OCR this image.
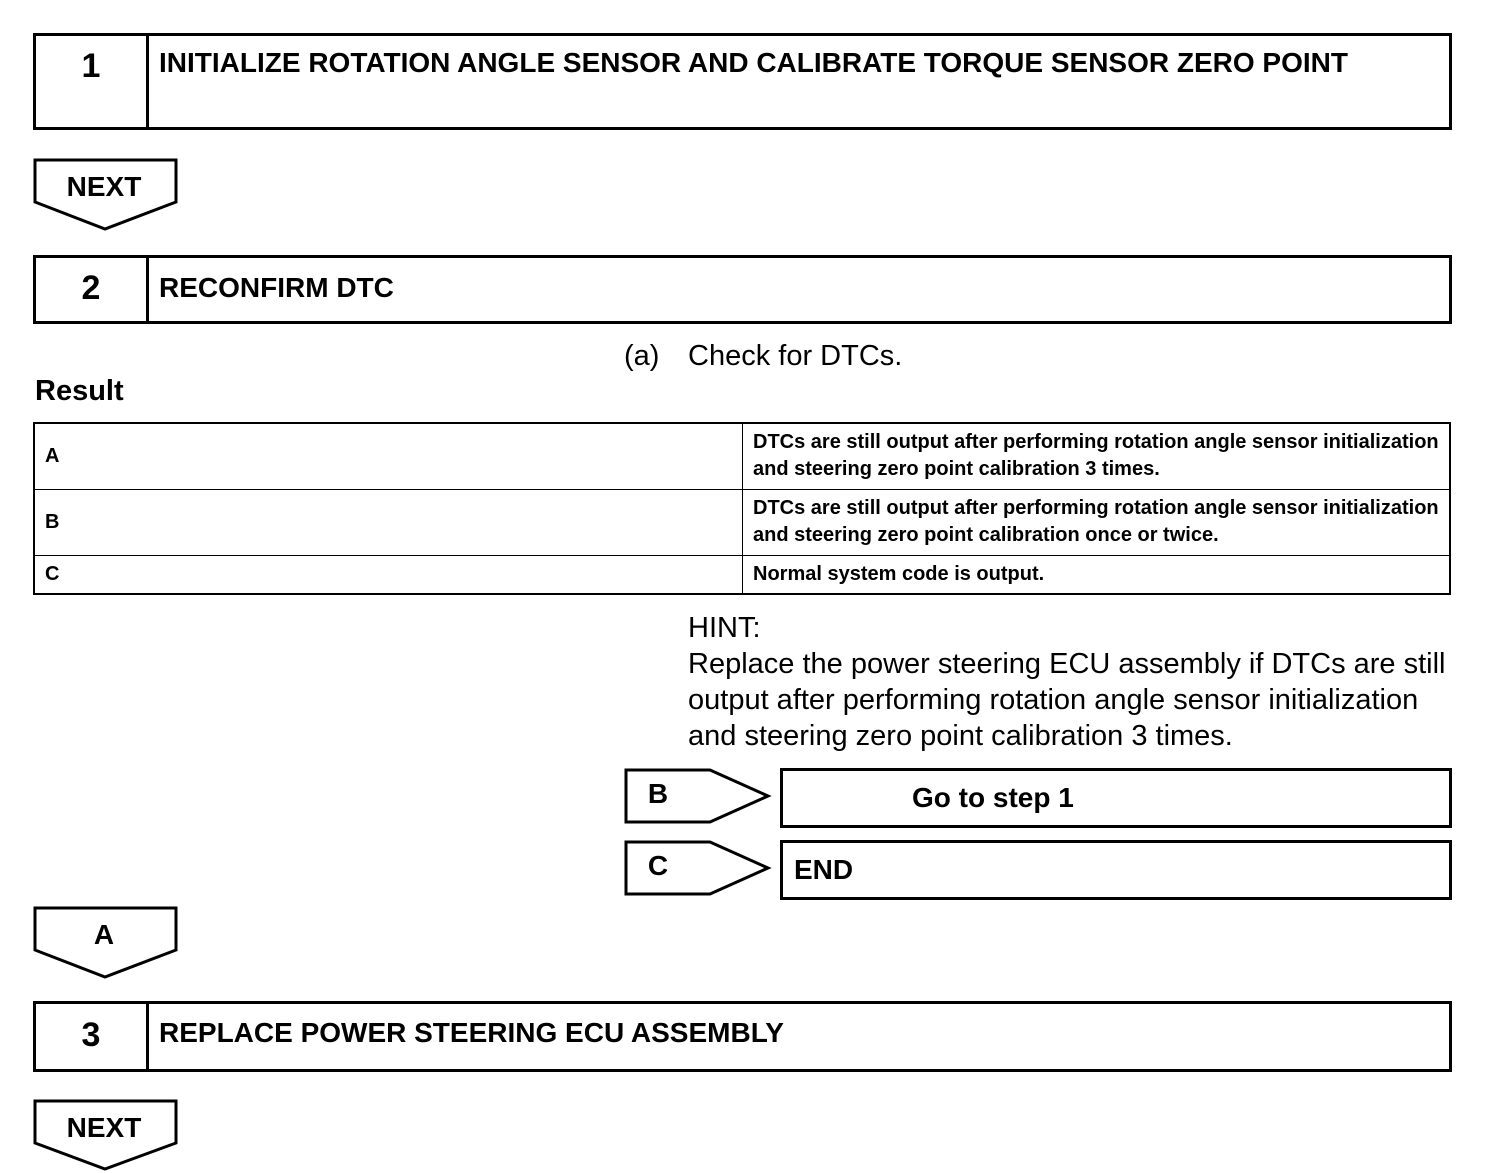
1	INITIALIZE ROTATION ANGLE SENSOR AND CALIBRATE TORQUE SENSOR ZERO POINT
NEXT
2	RECONFIRM DTC
(a) Check for DTCs.
Result
A	DTCs are still output after performing rotation angle sensor initialization and steering zero point calibration 3 times.
B	DTCs are still output after performing rotation angle sensor initialization and steering zero point calibration once or twice.
C	Normal system code is output.
HINT:
Replace the power steering ECU assembly if DTCs are still output after performing rotation angle sensor initialization and steering zero point calibration 3 times.
B	Go to step 1
C	END
A
3	REPLACE POWER STEERING ECU ASSEMBLY
NEXT
